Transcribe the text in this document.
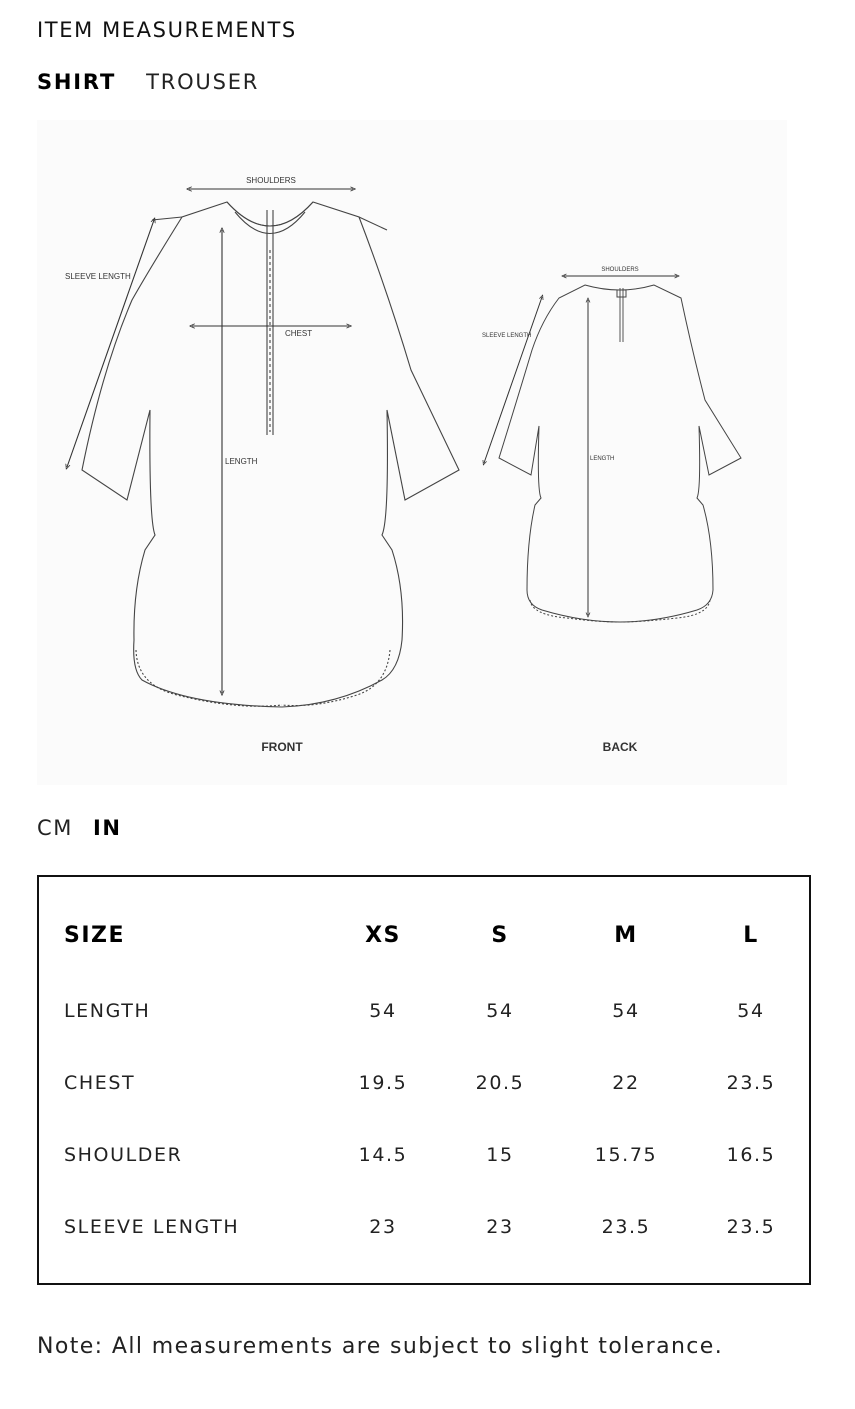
ITEM MEASUREMENTS
SHIRT TROUSER
SHOULDERS
SLEEVE LENGTH
CHEST
LENGTH
FRONT
SHOULDERS
SLEEVE LENGTH
LENGTH
BACK
CM IN
SIZE	XS	S	M	L
LENGTH	54	54	54	54
CHEST	19.5	20.5	22	23.5
SHOULDER	14.5	15	15.75	16.5
SLEEVE LENGTH	23	23	23.5	23.5
Note: All measurements are subject to slight tolerance.
